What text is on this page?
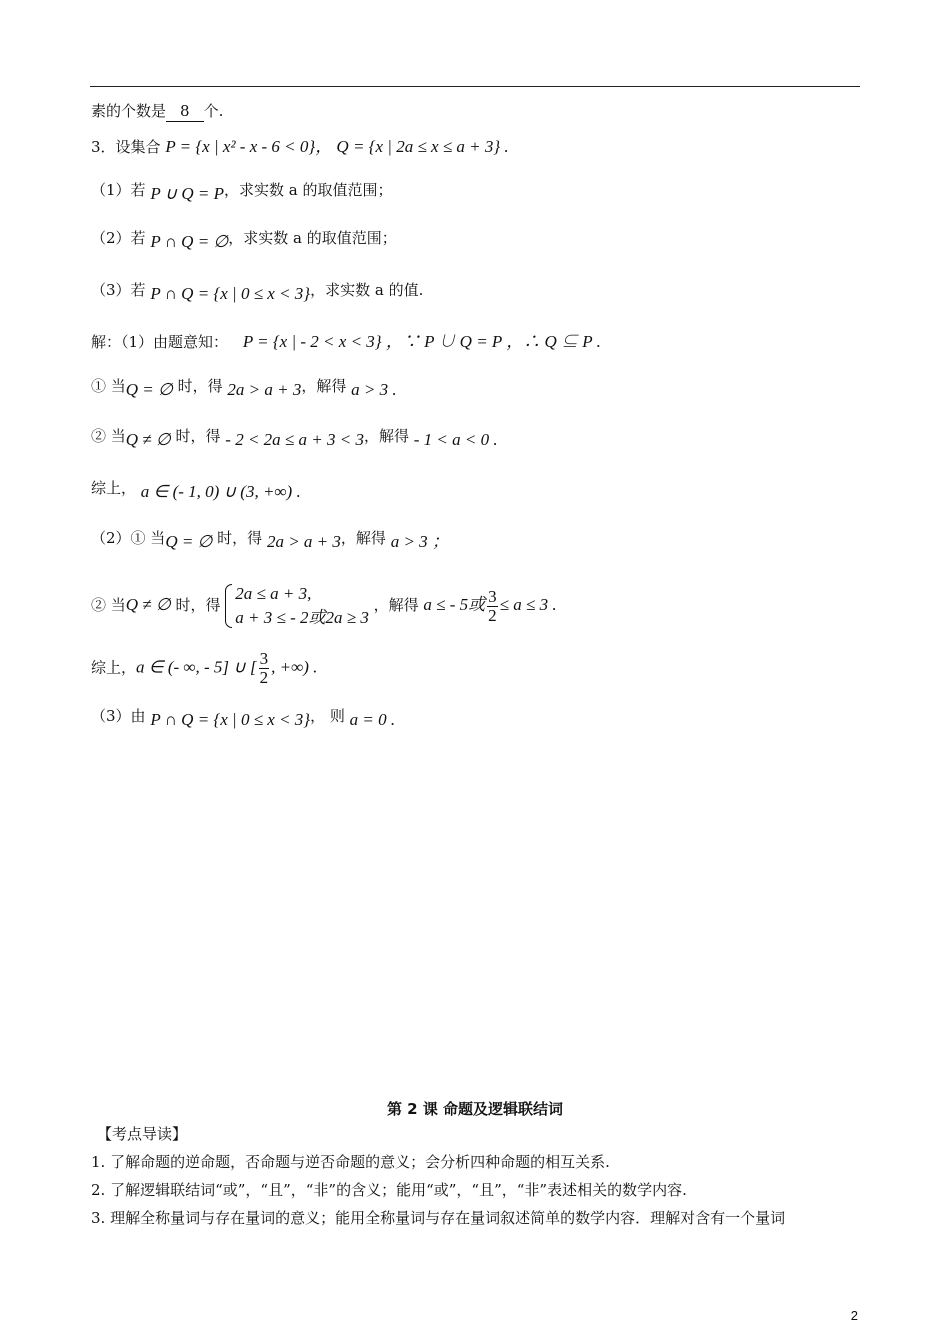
素的个数是 8 个.
3．设集合 P = {x | x² - x - 6 < 0}， Q = {x | 2a ≤ x ≤ a + 3} .
（1）若 P ∪ Q = P，求实数 a 的取值范围；
（2）若 P ∩ Q = ∅，求实数 a 的取值范围；
（3）若 P ∩ Q = {x | 0 ≤ x < 3}，求实数 a 的值.
解：（1）由题意知： P = {x | - 2 < x < 3} ，∵ P ∪ Q = P ，∴ Q ⊆ P .
① 当Q = ∅ 时，得 2a > a + 3，解得 a > 3 .
② 当Q ≠ ∅ 时，得 - 2 < 2a ≤ a + 3 < 3，解得 - 1 < a < 0 .
综上， a ∈ (- 1, 0) ∪ (3, +∞) .
（2）① 当Q = ∅ 时，得 2a > a + 3，解得 a > 3 ；
② 当Q ≠ ∅ 时，得
2a ≤ a + 3,
a + 3 ≤ - 2或2a ≥ 3
，解得 a ≤ - 5或 $\frac{3}{2} \le a \le 3$ .
综上，a ∈ (- ∞, - 5] ∪ [ $\frac{3}{2}$ , +∞) .
（3）由 P ∩ Q = {x | 0 ≤ x < 3}， 则 a = 0 .
第 2 课 命题及逻辑联结词
【考点导读】
1. 了解命题的逆命题，否命题与逆否命题的意义；会分析四种命题的相互关系.
2. 了解逻辑联结词“或”，“且”，“非”的含义；能用“或”，“且”，“非”表述相关的数学内容.
3. 理解全称量词与存在量词的意义；能用全称量词与存在量词叙述简单的数学内容．理解对含有一个量词
2
